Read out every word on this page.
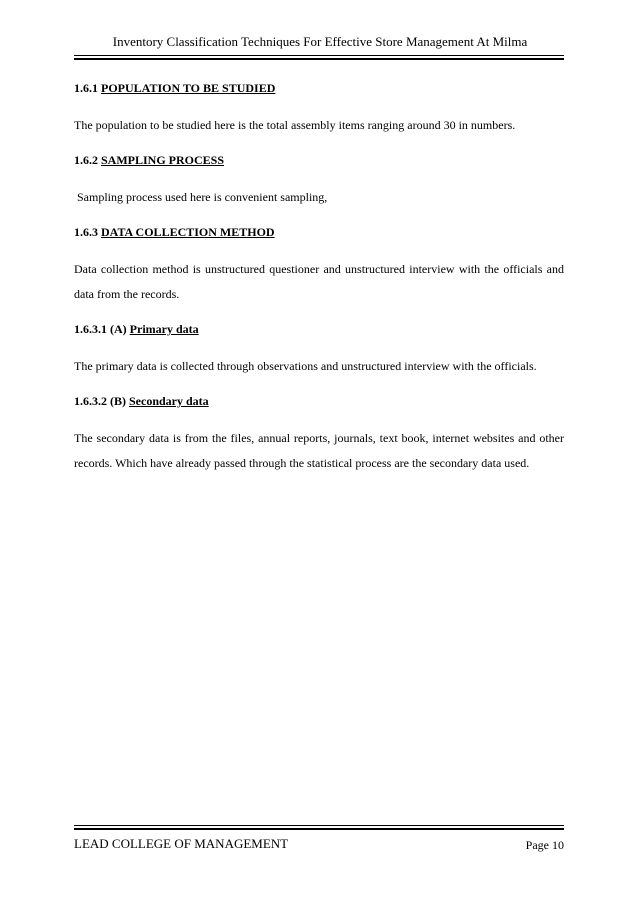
Inventory Classification Techniques For Effective Store Management At Milma

1.6.1 POPULATION TO BE STUDIED

The population to be studied here is the total assembly items ranging around 30 in numbers.

1.6.2 SAMPLING PROCESS

Sampling process used here is convenient sampling,

1.6.3 DATA COLLECTION METHOD

Data collection method is unstructured questioner and unstructured interview with the officials and data from the records.

1.6.3.1 (A) Primary data

The primary data is collected through observations and unstructured interview with the officials.

1.6.3.2 (B) Secondary data

The secondary data is from the files, annual reports, journals, text book, internet websites and other records. Which have already passed through the statistical process are the secondary data used.

LEAD COLLEGE OF MANAGEMENT	Page 10
